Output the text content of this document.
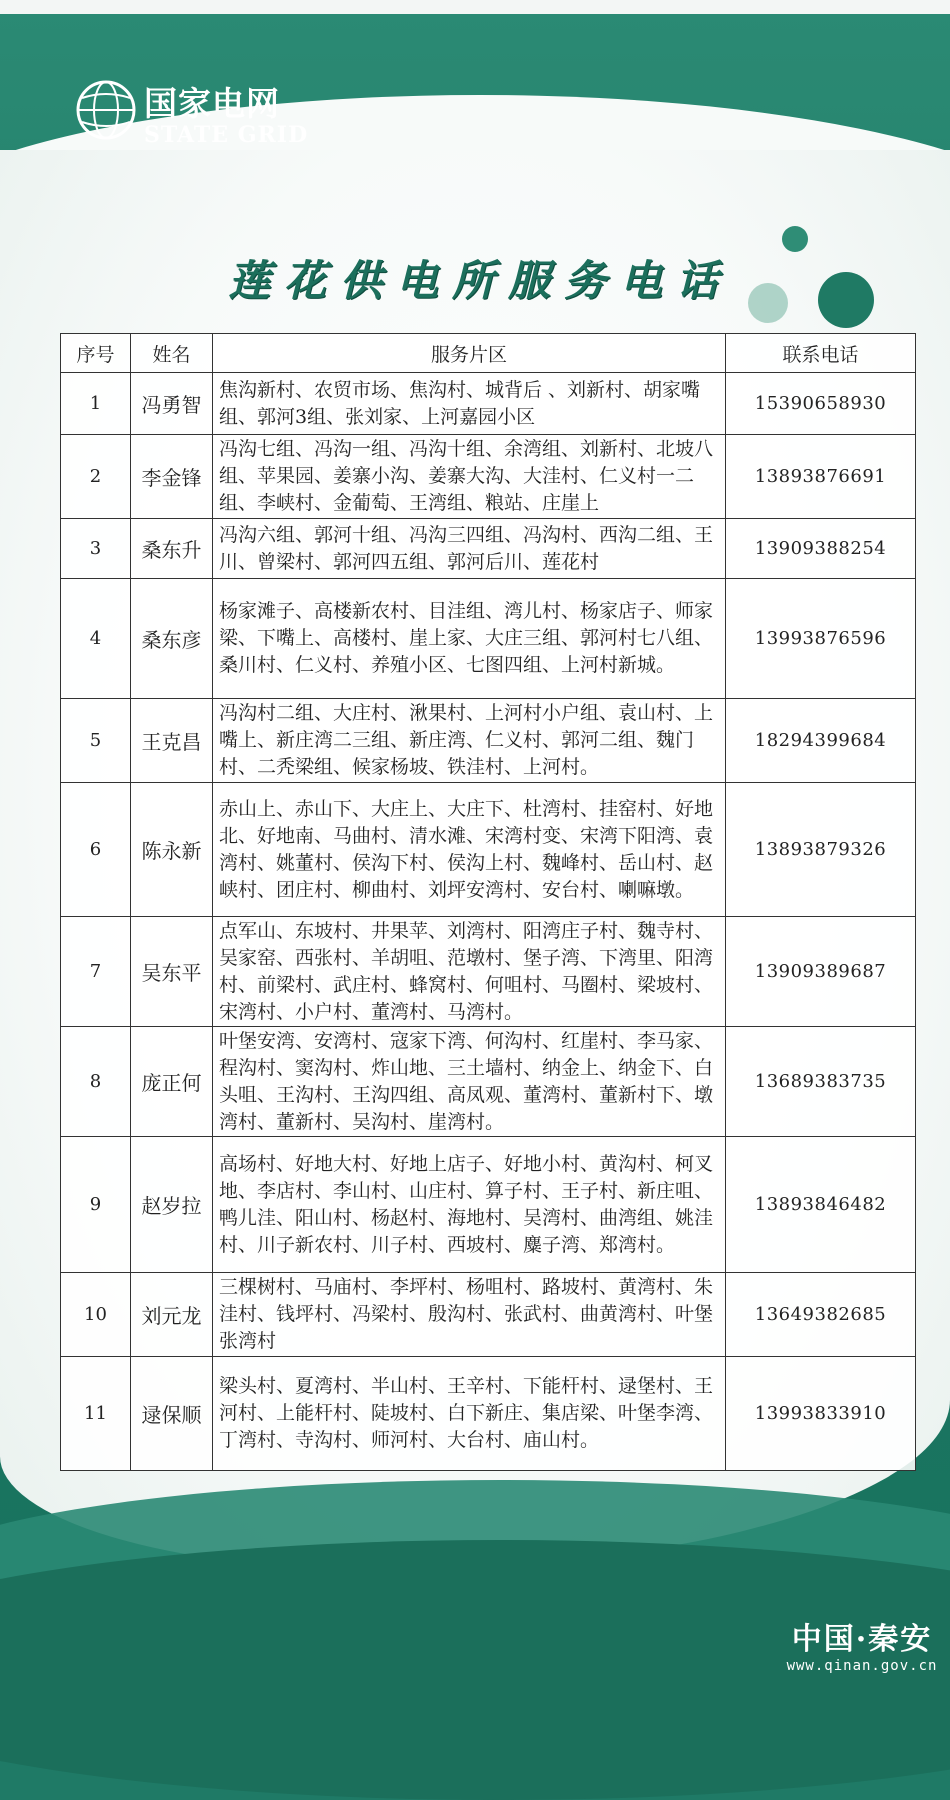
国家电网
STATE GRID
莲花供电所服务电话
序号	姓名	服务片区	联系电话
1	冯勇智	焦沟新村、农贸市场、焦沟村、城背后 、刘新村、胡家嘴组、郭河3组、张刘家、上河嘉园小区	15390658930
2	李金锋	冯沟七组、冯沟一组、冯沟十组、余湾组、刘新村、北坡八组、苹果园、姜寨小沟、姜寨大沟、大洼村、仁义村一二组、李峡村、金葡萄、王湾组、粮站、庄崖上	13893876691
3	桑东升	冯沟六组、郭河十组、冯沟三四组、冯沟村、西沟二组、王川、曾梁村、郭河四五组、郭河后川、莲花村	13909388254
4	桑东彦	杨家滩子、高楼新农村、目洼组、湾儿村、杨家店子、师家梁、下嘴上、高楼村、崖上家、大庄三组、郭河村七八组、桑川村、仁义村、养殖小区、七图四组、上河村新城。	13993876596
5	王克昌	冯沟村二组、大庄村、湫果村、上河村小户组、袁山村、上嘴上、新庄湾二三组、新庄湾、仁义村、郭河二组、魏门村、二秃梁组、候家杨坡、铁洼村、上河村。	18294399684
6	陈永新	赤山上、赤山下、大庄上、大庄下、杜湾村、挂窑村、好地北、好地南、马曲村、清水滩、宋湾村变、宋湾下阳湾、袁湾村、姚董村、侯沟下村、侯沟上村、魏峰村、岳山村、赵峡村、团庄村、柳曲村、刘坪安湾村、安台村、喇嘛墩。	13893879326
7	吴东平	点军山、东坡村、井果苹、刘湾村、阳湾庄子村、魏寺村、吴家窑、西张村、羊胡咀、范墩村、堡子湾、下湾里、阳湾村、前梁村、武庄村、蜂窝村、何咀村、马圈村、梁坡村、宋湾村、小户村、董湾村、马湾村。	13909389687
8	庞正何	叶堡安湾、安湾村、寇家下湾、何沟村、红崖村、李马家、程沟村、窦沟村、炸山地、三土墙村、纳金上、纳金下、白头咀、王沟村、王沟四组、高凤观、董湾村、董新村下、墩湾村、董新村、吴沟村、崖湾村。	13689383735
9	赵岁拉	高场村、好地大村、好地上店子、好地小村、黄沟村、柯叉地、李店村、李山村、山庄村、算子村、王子村、新庄咀、鸭儿洼、阳山村、杨赵村、海地村、吴湾村、曲湾组、姚洼村、川子新农村、川子村、西坡村、麋子湾、郑湾村。	13893846482
10	刘元龙	三棵树村、马庙村、李坪村、杨咀村、路坡村、黄湾村、朱洼村、钱坪村、冯梁村、殷沟村、张武村、曲黄湾村、叶堡张湾村	13649382685
11	逯保顺	梁头村、夏湾村、半山村、王辛村、下能杆村、逯堡村、王河村、上能杆村、陡坡村、白下新庄、集店梁、叶堡李湾、丁湾村、寺沟村、师河村、大台村、庙山村。	13993833910
中国·秦安
www.qinan.gov.cn
